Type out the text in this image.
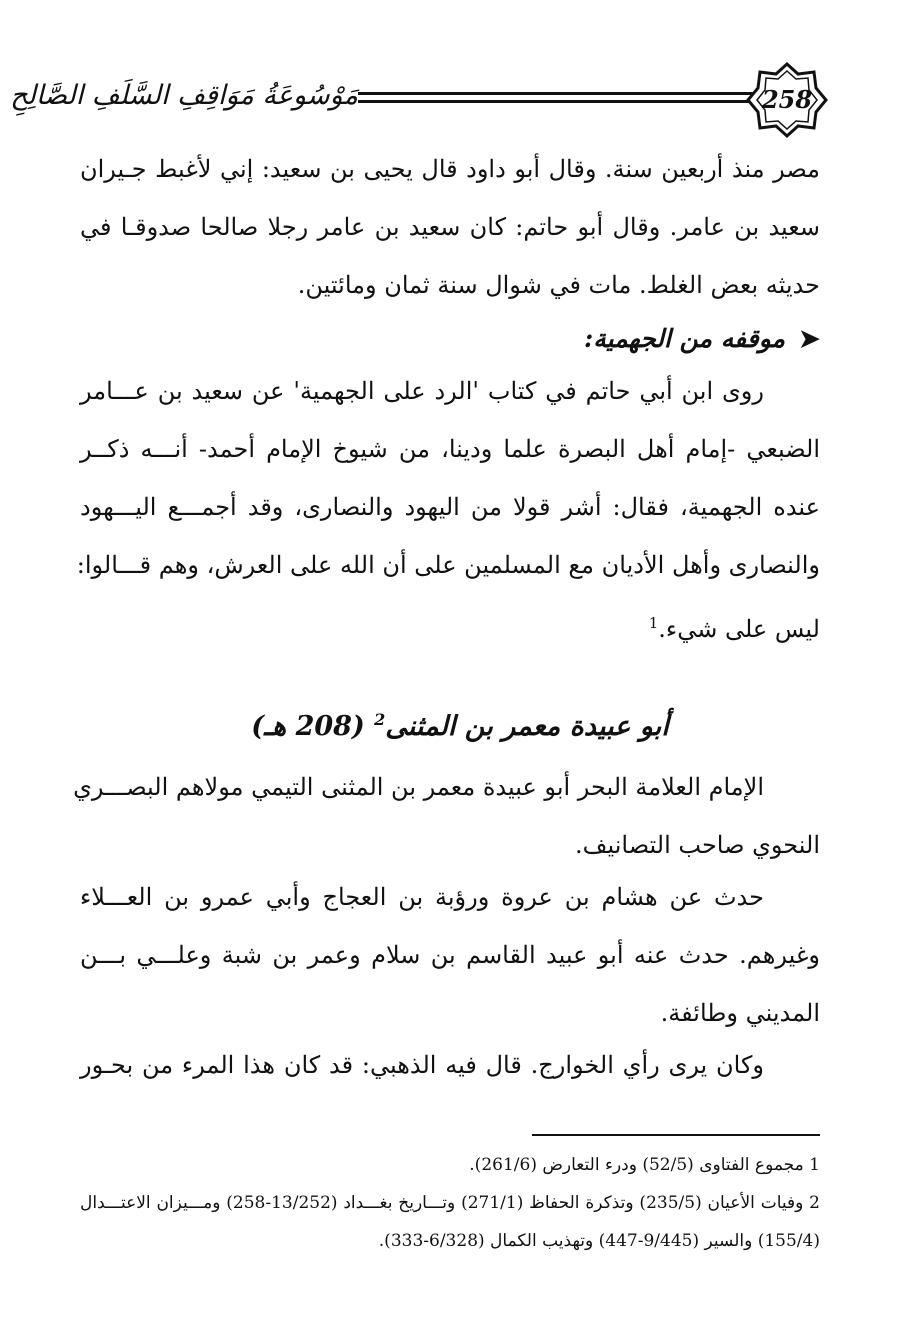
مَوْسُوعَةُ مَوَاقِفِ السَّلَفِ الصَّالِحِ	258
مصر منذ أربعين سنة. وقال أبو داود قال يحيى بن سعيد: إني لأغبط جـيران
سعيد بن عامر. وقال أبو حاتم: كان سعيد بن عامر رجلا صالحا صدوقـا في
حديثه بعض الغلط. مات في شوال سنة ثمان ومائتين.
➤موقفه من الجهمية:
روى ابن أبي حاتم في كتاب 'الرد على الجهمية' عن سعيد بن عـــامر
الضبعي -إمام أهل البصرة علما ودينا، من شيوخ الإمام أحمد- أنـــه ذكــر
عنده الجهمية، فقال: أشر قولا من اليهود والنصارى، وقد أجمـــع اليـــهود
والنصارى وأهل الأديان مع المسلمين على أن الله على العرش، وهم قـــالوا:
ليس على شيء.$^1$
أبو عبيدة معمر بن المثنى$^2$ (208 هـ)
الإمام العلامة البحر أبو عبيدة معمر بن المثنى التيمي مولاهم البصـــري
النحوي صاحب التصانيف.
حدث عن هشام بن عروة ورؤبة بن العجاج وأبي عمرو بن العـــلاء
وغيرهم. حدث عنه أبو عبيد القاسم بن سلام وعمر بن شبة وعلـــي بـــن
المديني وطائفة.
وكان يرى رأي الخوارج. قال فيه الذهبي: قد كان هذا المرء من بحـور
1 مجموع الفتاوى (52/5) ودرء التعارض (261/6).
2 وفيات الأعيان (235/5) وتذكرة الحفاظ (271/1) وتـــاريخ بغـــداد (13/252-258) ومـــيزان الاعتـــدال
(155/4) والسير (9/445-447) وتهذيب الكمال (6/328-333).
